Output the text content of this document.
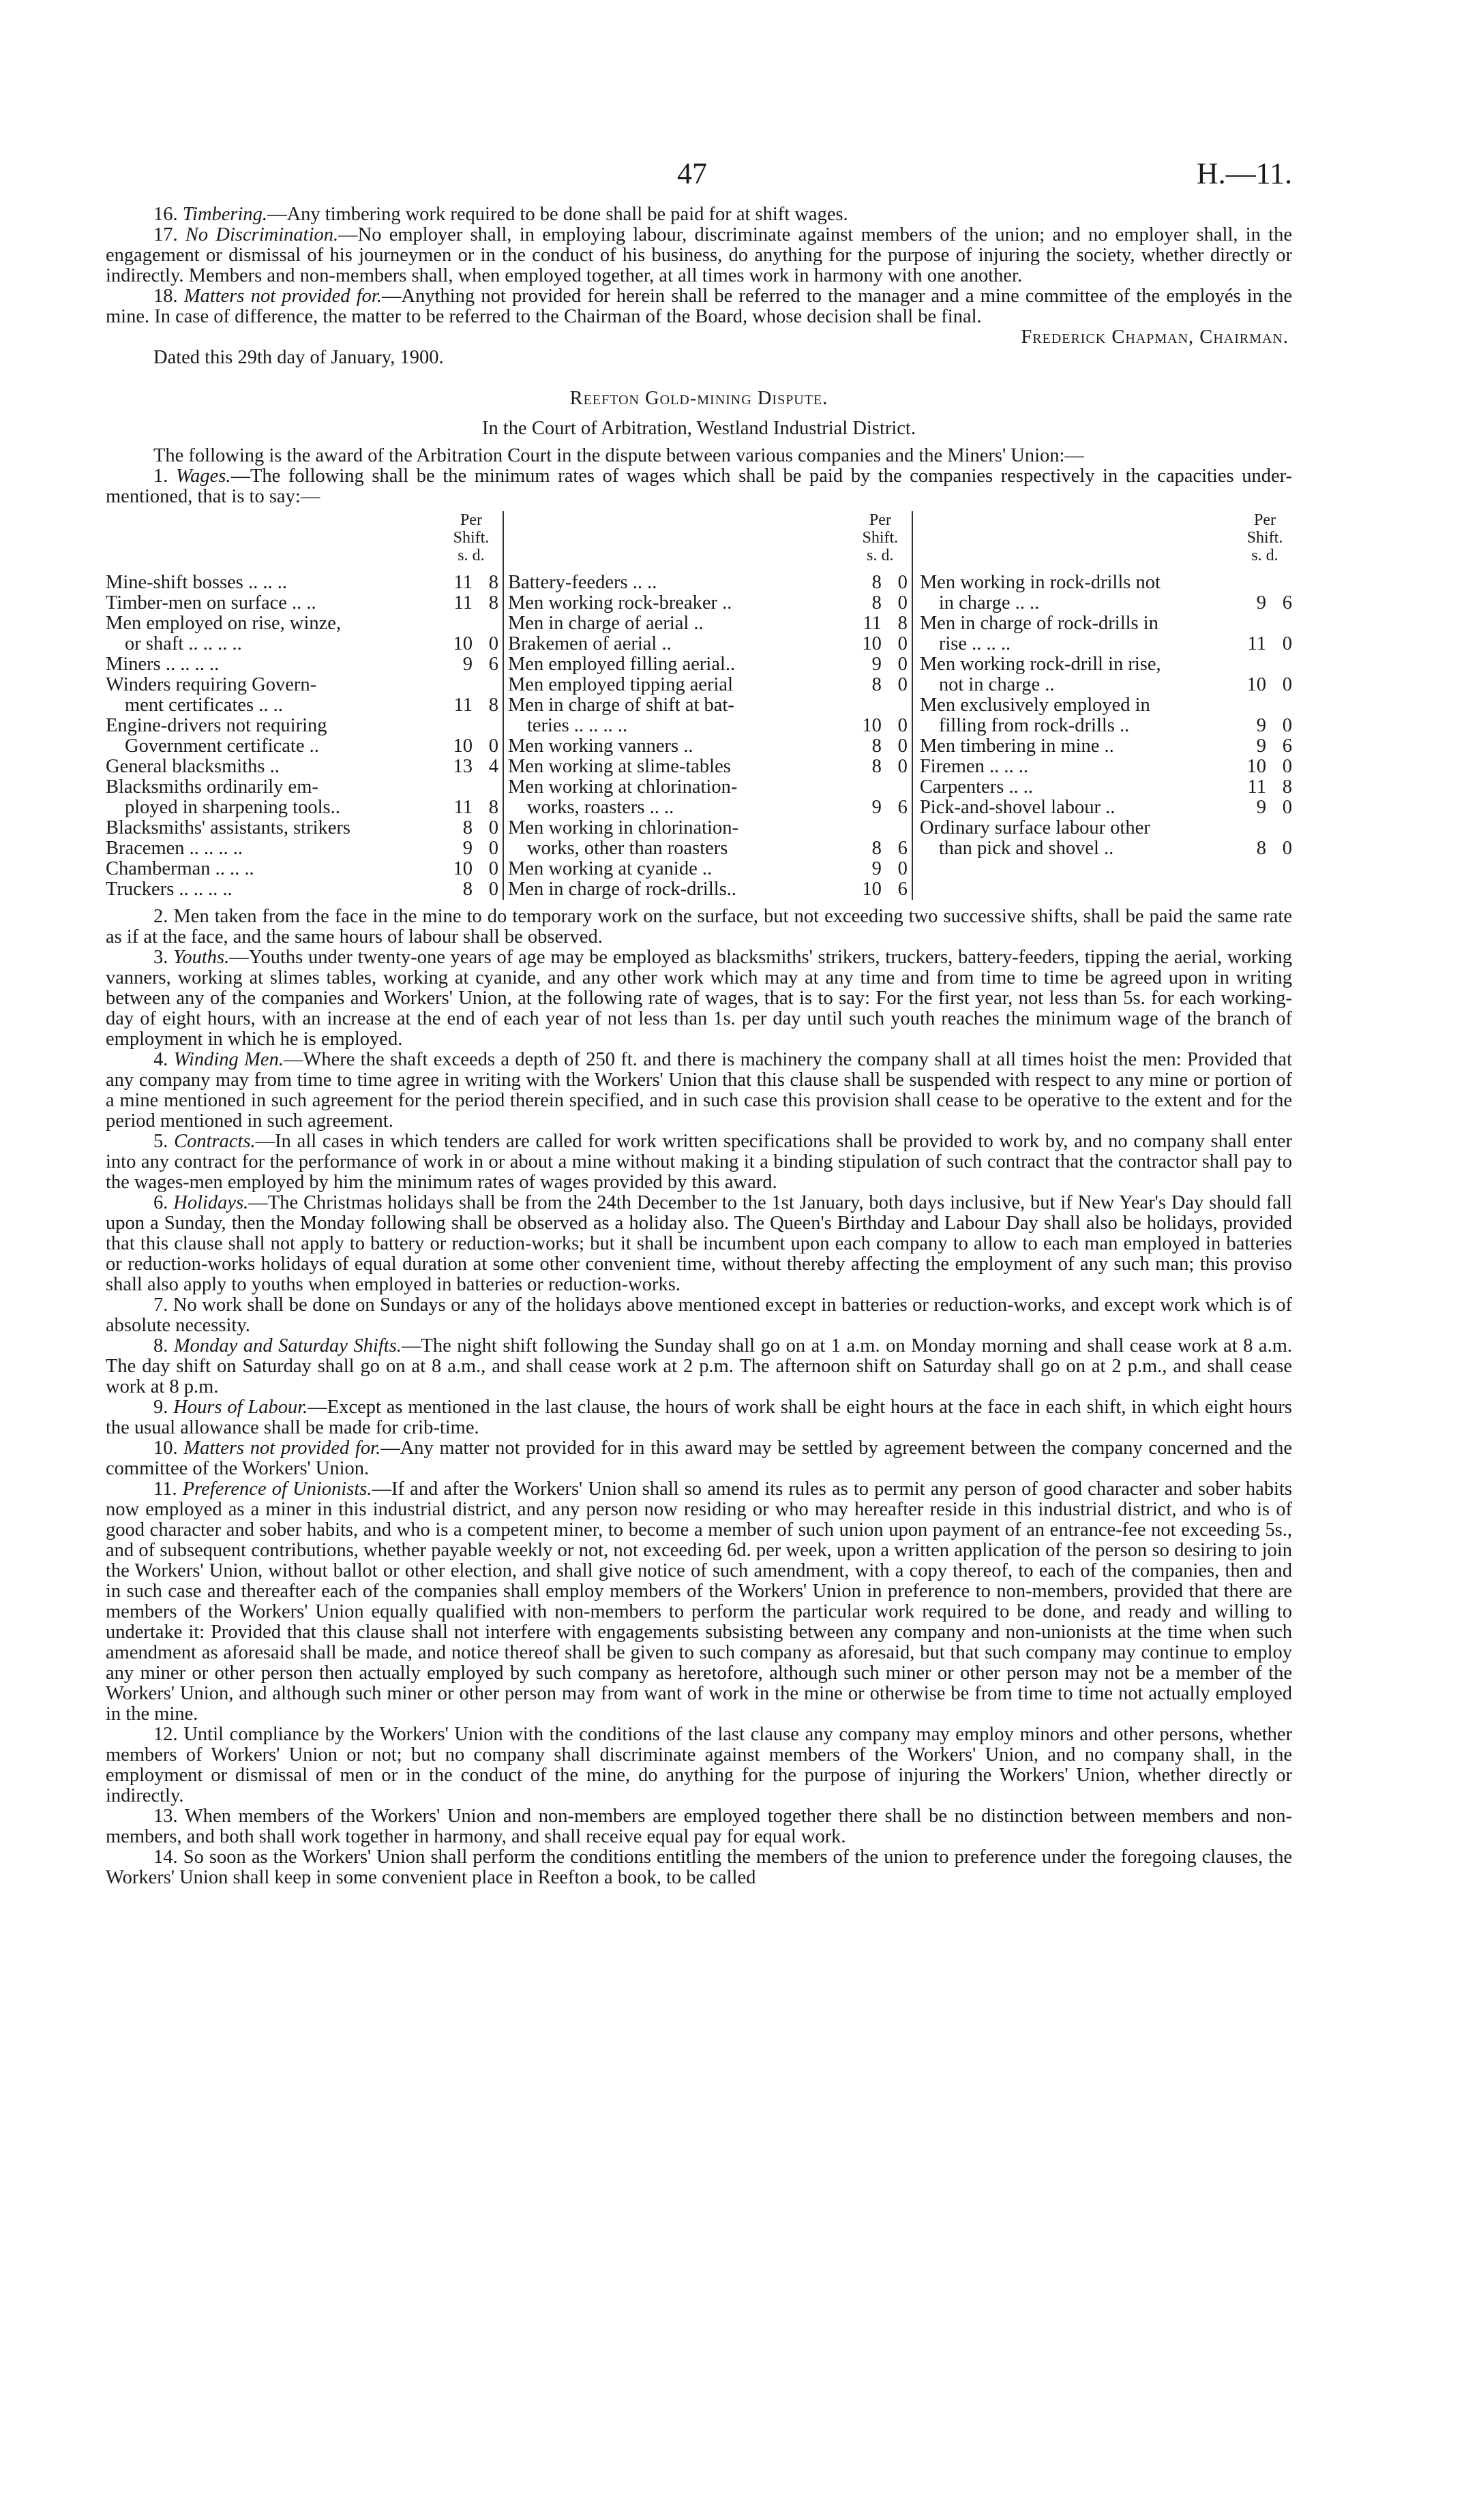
47	H.—11.

16. Timbering.—Any timbering work required to be done shall be paid for at shift wages.

17. No Discrimination.—No employer shall, in employing labour, discriminate against members of the union; and no employer shall, in the engagement or dismissal of his journeymen or in the conduct of his business, do anything for the purpose of injuring the society, whether directly or indirectly. Members and non-members shall, when employed together, at all times work in harmony with one another.

18. Matters not provided for.—Anything not provided for herein shall be referred to the manager and a mine committee of the employés in the mine. In case of difference, the matter to be referred to the Chairman of the Board, whose decision shall be final.

Frederick Chapman, Chairman.

Dated this 29th day of January, 1900.

Reefton Gold-mining Dispute.

In the Court of Arbitration, Westland Industrial District.

The following is the award of the Arbitration Court in the dispute between various companies and the Miners' Union:—

1. Wages.—The following shall be the minimum rates of wages which shall be paid by the companies respectively in the capacities under-mentioned, that is to say:—

Per
Shift.
s. d.
Mine-shift bosses .. .. ..	11 8
Timber-men on surface .. ..	11 8
Men employed on rise, winze,
or shaft .. .. .. ..	10 0
Miners .. .. .. ..	9 6
Winders requiring Govern-
ment certificates .. ..	11 8
Engine-drivers not requiring
Government certificate ..	10 0
General blacksmiths ..	13 4
Blacksmiths ordinarily em-
ployed in sharpening tools..	11 8
Blacksmiths' assistants, strikers	8 0
Bracemen .. .. .. ..	9 0
Chamberman .. .. ..	10 0
Truckers .. .. .. ..	8 0
Per
Shift.
s. d.
Battery-feeders .. ..	8 0
Men working rock-breaker ..	8 0
Men in charge of aerial ..	11 8
Brakemen of aerial ..	10 0
Men employed filling aerial..	9 0
Men employed tipping aerial	8 0
Men in charge of shift at bat-
teries .. .. .. ..	10 0
Men working vanners ..	8 0
Men working at slime-tables	8 0
Men working at chlorination-
works, roasters .. ..	9 6
Men working in chlorination-
works, other than roasters	8 6
Men working at cyanide ..	9 0
Men in charge of rock-drills..	10 6
Per
Shift.
s. d.
Men working in rock-drills not
in charge .. ..	9 6
Men in charge of rock-drills in
rise .. .. ..	11 0
Men working rock-drill in rise,
not in charge ..	10 0
Men exclusively employed in
filling from rock-drills ..	9 0
Men timbering in mine ..	9 6
Firemen .. .. ..	10 0
Carpenters .. ..	11 8
Pick-and-shovel labour ..	9 0
Ordinary surface labour other
than pick and shovel ..	8 0

2. Men taken from the face in the mine to do temporary work on the surface, but not exceeding two successive shifts, shall be paid the same rate as if at the face, and the same hours of labour shall be observed.

3. Youths.—Youths under twenty-one years of age may be employed as blacksmiths' strikers, truckers, battery-feeders, tipping the aerial, working vanners, working at slimes tables, working at cyanide, and any other work which may at any time and from time to time be agreed upon in writing between any of the companies and Workers' Union, at the following rate of wages, that is to say: For the first year, not less than 5s. for each working-day of eight hours, with an increase at the end of each year of not less than 1s. per day until such youth reaches the minimum wage of the branch of employment in which he is employed.

4. Winding Men.—Where the shaft exceeds a depth of 250 ft. and there is machinery the company shall at all times hoist the men: Provided that any company may from time to time agree in writing with the Workers' Union that this clause shall be suspended with respect to any mine or portion of a mine mentioned in such agreement for the period therein specified, and in such case this provision shall cease to be operative to the extent and for the period mentioned in such agreement.

5. Contracts.—In all cases in which tenders are called for work written specifications shall be provided to work by, and no company shall enter into any contract for the performance of work in or about a mine without making it a binding stipulation of such contract that the contractor shall pay to the wages-men employed by him the minimum rates of wages provided by this award.

6. Holidays.—The Christmas holidays shall be from the 24th December to the 1st January, both days inclusive, but if New Year's Day should fall upon a Sunday, then the Monday following shall be observed as a holiday also. The Queen's Birthday and Labour Day shall also be holidays, provided that this clause shall not apply to battery or reduction-works; but it shall be incumbent upon each company to allow to each man employed in batteries or reduction-works holidays of equal duration at some other convenient time, without thereby affecting the employment of any such man; this proviso shall also apply to youths when employed in batteries or reduction-works.

7. No work shall be done on Sundays or any of the holidays above mentioned except in batteries or reduction-works, and except work which is of absolute necessity.

8. Monday and Saturday Shifts.—The night shift following the Sunday shall go on at 1 a.m. on Monday morning and shall cease work at 8 a.m. The day shift on Saturday shall go on at 8 a.m., and shall cease work at 2 p.m. The afternoon shift on Saturday shall go on at 2 p.m., and shall cease work at 8 p.m.

9. Hours of Labour.—Except as mentioned in the last clause, the hours of work shall be eight hours at the face in each shift, in which eight hours the usual allowance shall be made for crib-time.

10. Matters not provided for.—Any matter not provided for in this award may be settled by agreement between the company concerned and the committee of the Workers' Union.

11. Preference of Unionists.—If and after the Workers' Union shall so amend its rules as to permit any person of good character and sober habits now employed as a miner in this industrial district, and any person now residing or who may hereafter reside in this industrial district, and who is of good character and sober habits, and who is a competent miner, to become a member of such union upon payment of an entrance-fee not exceeding 5s., and of subsequent contributions, whether payable weekly or not, not exceeding 6d. per week, upon a written application of the person so desiring to join the Workers' Union, without ballot or other election, and shall give notice of such amendment, with a copy thereof, to each of the companies, then and in such case and thereafter each of the companies shall employ members of the Workers' Union in preference to non-members, provided that there are members of the Workers' Union equally qualified with non-members to perform the particular work required to be done, and ready and willing to undertake it: Provided that this clause shall not interfere with engagements subsisting between any company and non-unionists at the time when such amendment as aforesaid shall be made, and notice thereof shall be given to such company as aforesaid, but that such company may continue to employ any miner or other person then actually employed by such company as heretofore, although such miner or other person may not be a member of the Workers' Union, and although such miner or other person may from want of work in the mine or otherwise be from time to time not actually employed in the mine.

12. Until compliance by the Workers' Union with the conditions of the last clause any company may employ minors and other persons, whether members of Workers' Union or not; but no company shall discriminate against members of the Workers' Union, and no company shall, in the employment or dismissal of men or in the conduct of the mine, do anything for the purpose of injuring the Workers' Union, whether directly or indirectly.

13. When members of the Workers' Union and non-members are employed together there shall be no distinction between members and non-members, and both shall work together in harmony, and shall receive equal pay for equal work.

14. So soon as the Workers' Union shall perform the conditions entitling the members of the union to preference under the foregoing clauses, the Workers' Union shall keep in some convenient place in Reefton a book, to be called
